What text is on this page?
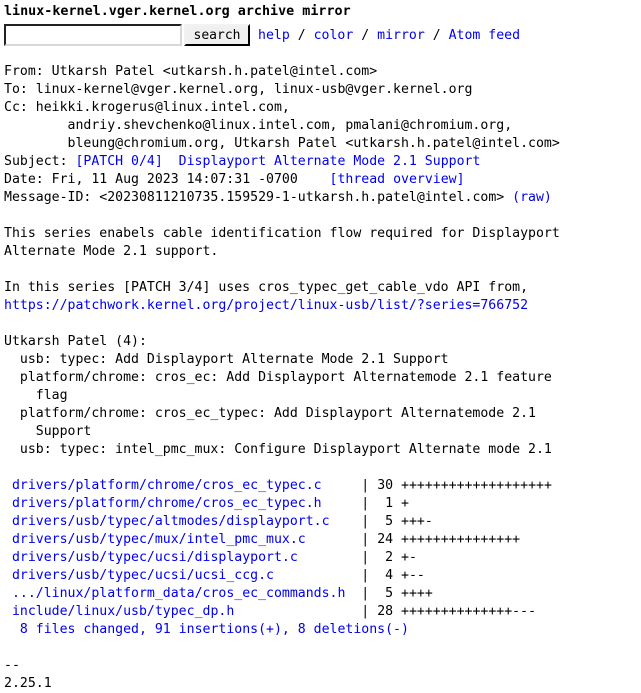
linux-kernel.vger.kernel.org archive mirror
search	help / color / mirror / Atom feed
From: Utkarsh Patel <utkarsh.h.patel@intel.com>
To: linux-kernel@vger.kernel.org, linux-usb@vger.kernel.org
Cc: heikki.krogerus@linux.intel.com,
andriy.shevchenko@linux.intel.com, pmalani@chromium.org,
bleung@chromium.org, Utkarsh Patel <utkarsh.h.patel@intel.com>
Subject: [PATCH 0/4]  Displayport Alternate Mode 2.1 Support
Date: Fri, 11 Aug 2023 14:07:31 -0700 [thread overview]
Message-ID: <20230811210735.159529-1-utkarsh.h.patel@intel.com> (raw)

This series enabels cable identification flow required for Displayport
Alternate Mode 2.1 support.

In this series [PATCH 3/4] uses cros_typec_get_cable_vdo API from,
https://patchwork.kernel.org/project/linux-usb/list/?series=766752

Utkarsh Patel (4):
usb: typec: Add Displayport Alternate Mode 2.1 Support
platform/chrome: cros_ec: Add Displayport Alternatemode 2.1 feature
flag
platform/chrome: cros_ec_typec: Add Displayport Alternatemode 2.1
Support
usb: typec: intel_pmc_mux: Configure Displayport Alternate mode 2.1

drivers/platform/chrome/cros_ec_typec.c     | 30 +++++++++++++++++++
drivers/platform/chrome/cros_ec_typec.h     |  1 +
drivers/usb/typec/altmodes/displayport.c    |  5 +++-
drivers/usb/typec/mux/intel_pmc_mux.c       | 24 +++++++++++++++
drivers/usb/typec/ucsi/displayport.c        |  2 +-
drivers/usb/typec/ucsi/ucsi_ccg.c           |  4 +--
.../linux/platform_data/cros_ec_commands.h  |  5 ++++
include/linux/usb/typec_dp.h                | 28 ++++++++++++++---
8 files changed, 91 insertions(+), 8 deletions(-)

--
2.25.1
